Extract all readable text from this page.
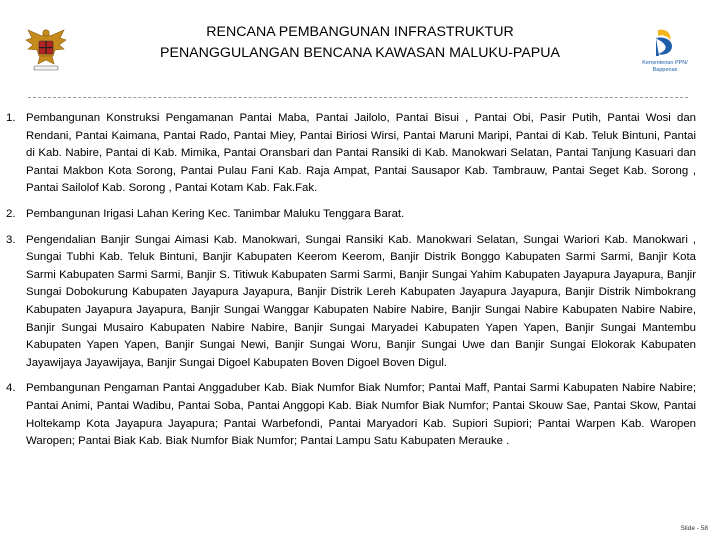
RENCANA PEMBANGUNAN INFRASTRUKTUR
PENANGGULANGAN BENCANA KAWASAN MALUKU-PAPUA
Kementerian PPN/
Bappenas
1. Pembangunan Konstruksi Pengamanan Pantai Maba, Pantai Jailolo, Pantai Bisui , Pantai Obi, Pasir Putih, Pantai Wosi dan Rendani, Pantai Kaimana, Pantai Rado, Pantai Miey, Pantai Biriosi Wirsi, Pantai Maruni Maripi, Pantai di Kab. Teluk Bintuni, Pantai di Kab. Nabire, Pantai di Kab. Mimika, Pantai Oransbari dan Pantai Ransiki di Kab. Manokwari Selatan, Pantai Tanjung Kasuari dan Pantai Makbon Kota Sorong, Pantai Pulau Fani Kab. Raja Ampat, Pantai Sausapor Kab. Tambrauw, Pantai Seget Kab. Sorong , Pantai Sailolof Kab. Sorong , Pantai Kotam Kab. Fak.Fak.
2. Pembangunan Irigasi Lahan Kering Kec. Tanimbar Maluku Tenggara Barat.
3. Pengendalian Banjir Sungai Aimasi Kab. Manokwari, Sungai Ransiki Kab. Manokwari Selatan, Sungai Wariori Kab. Manokwari , Sungai Tubhi Kab. Teluk Bintuni, Banjir Kabupaten Keerom Keerom, Banjir Distrik Bonggo Kabupaten Sarmi Sarmi, Banjir Kota Sarmi Kabupaten Sarmi Sarmi, Banjir S. Titiwuk Kabupaten Sarmi Sarmi, Banjir Sungai Yahim Kabupaten Jayapura Jayapura, Banjir Sungai Dobokurung Kabupaten Jayapura Jayapura, Banjir Distrik Lereh Kabupaten Jayapura Jayapura, Banjir Distrik Nimbokrang Kabupaten Jayapura Jayapura, Banjir Sungai Wanggar Kabupaten Nabire Nabire, Banjir Sungai Nabire Kabupaten Nabire Nabire, Banjir Sungai Musairo Kabupaten Nabire Nabire, Banjir Sungai Maryadei Kabupaten Yapen Yapen, Banjir Sungai Mantembu Kabupaten Yapen Yapen, Banjir Sungai Newi, Banjir Sungai Woru, Banjir Sungai Uwe dan Banjir Sungai Elokorak Kabupaten Jayawijaya Jayawijaya, Banjir Sungai Digoel Kabupaten Boven Digoel Boven Digul.
4. Pembangunan Pengaman Pantai Anggaduber Kab. Biak Numfor Biak Numfor; Pantai Maff, Pantai Sarmi Kabupaten Nabire Nabire; Pantai Animi, Pantai Wadibu, Pantai Soba, Pantai Anggopi Kab. Biak Numfor Biak Numfor; Pantai Skouw Sae, Pantai Skow, Pantai Holtekamp Kota Jayapura Jayapura; Pantai Warbefondi, Pantai Maryadori Kab. Supiori Supiori; Pantai Warpen Kab. Waropen Waropen; Pantai Biak Kab. Biak Numfor Biak Numfor; Pantai Lampu Satu Kabupaten Merauke .
Slide - 58
